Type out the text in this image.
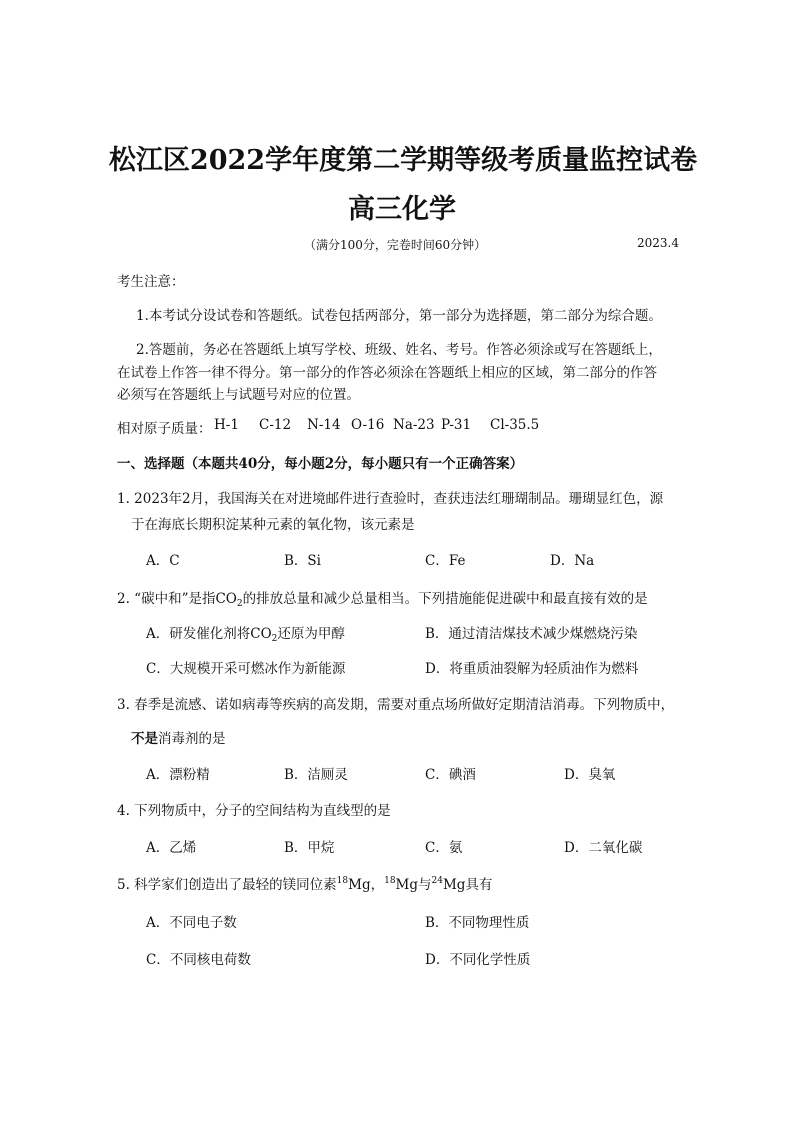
松江区2022学年度第二学期等级考质量监控试卷
高三化学
（满分100分，完卷时间60分钟）	2023.4
考生注意：
1.本考试分设试卷和答题纸。试卷包括两部分，第一部分为选择题，第二部分为综合题。
2.答题前，务必在答题纸上填写学校、班级、姓名、考号。作答必须涂或写在答题纸上，
在试卷上作答一律不得分。第一部分的作答必须涂在答题纸上相应的区域，第二部分的作答
必须写在答题纸上与试题号对应的位置。
相对原子质量： H-1 C-12 N-14 O-16 Na-23 P-31 Cl-35.5
一、选择题（本题共40分，每小题2分，每小题只有一个正确答案）
1. 2023年2月，我国海关在对进境邮件进行查验时，查获违法红珊瑚制品。珊瑚显红色，源
于在海底长期积淀某种元素的氧化物，该元素是
A．C	B．Si	C．Fe	D．Na
2. “碳中和”是指$CO_2$的排放总量和减少总量相当。下列措施能促进碳中和最直接有效的是
A．研发催化剂将$CO_2$还原为甲醇	B．通过清洁煤技术减少煤燃烧污染
C．大规模开采可燃冰作为新能源	D．将重质油裂解为轻质油作为燃料
3. 春季是流感、诺如病毒等疾病的高发期，需要对重点场所做好定期清洁消毒。下列物质中，
不是消毒剂的是
A．漂粉精	B．洁厕灵	C．碘酒	D．臭氧
4. 下列物质中，分子的空间结构为直线型的是
A．乙烯	B．甲烷	C．氨	D．二氧化碳
5. 科学家们创造出了最轻的镁同位素$^{18}$Mg，$^{18}$Mg与$^{24}$Mg具有
A．不同电子数	B．不同物理性质
C．不同核电荷数	D．不同化学性质
